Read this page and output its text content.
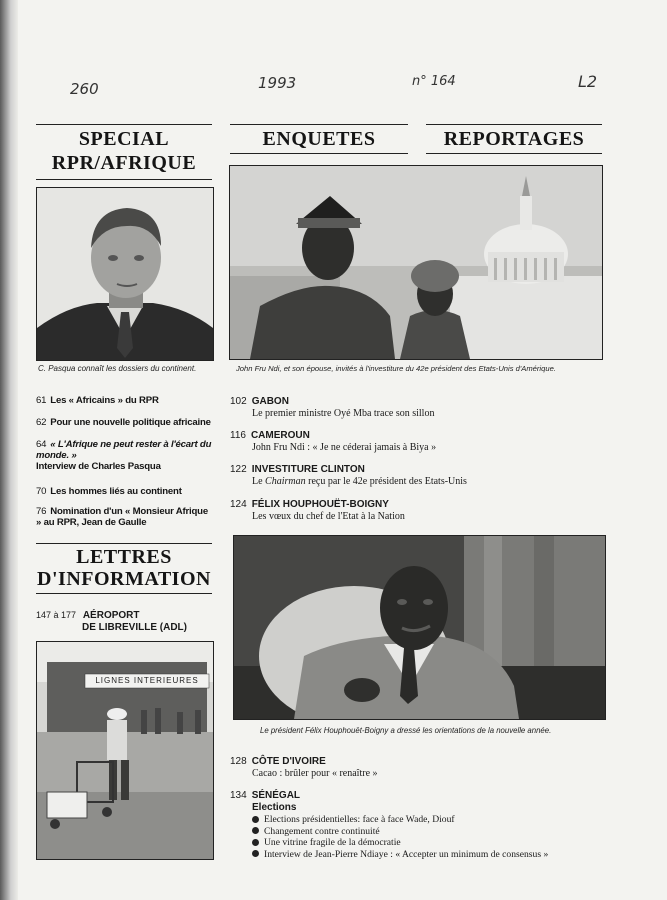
260	1993	n° 164	L2
SPECIAL
RPR/AFRIQUE
ENQUETES	REPORTAGES
C. Pasqua connaît les dossiers du continent.	John Fru Ndi, et son épouse, invités à l'investiture du 42e président des Etats-Unis d'Amérique.
61 Les « Africains » du RPR
62 Pour une nouvelle politique africaine
64 « L'Afrique ne peut rester à l'écart du monde. »
Interview de Charles Pasqua
70 Les hommes liés au continent
76 Nomination d'un « Monsieur Afrique » au RPR, Jean de Gaulle
LETTRES
D'INFORMATION
147 à 177 AÉROPORT
DE LIBREVILLE (ADL)
LIGNES INTERIEURES
102 GABON
Le premier ministre Oyé Mba trace son sillon
116 CAMEROUN
John Fru Ndi : « Je ne céderai jamais à Biya »
122 INVESTITURE CLINTON
Le Chairman reçu par le 42e président des Etats-Unis
124 FÉLIX HOUPHOUËT-BOIGNY
Les vœux du chef de l'Etat à la Nation
Le président Félix Houphouët-Boigny a dressé les orientations de la nouvelle année.
128 CÔTE D'IVOIRE
Cacao : brûler pour « renaître »
134 SÉNÉGAL
Elections
Elections présidentielles: face à face Wade, Diouf
Changement contre continuité
Une vitrine fragile de la démocratie
Interview de Jean-Pierre Ndiaye : « Accepter un minimum de consensus »
